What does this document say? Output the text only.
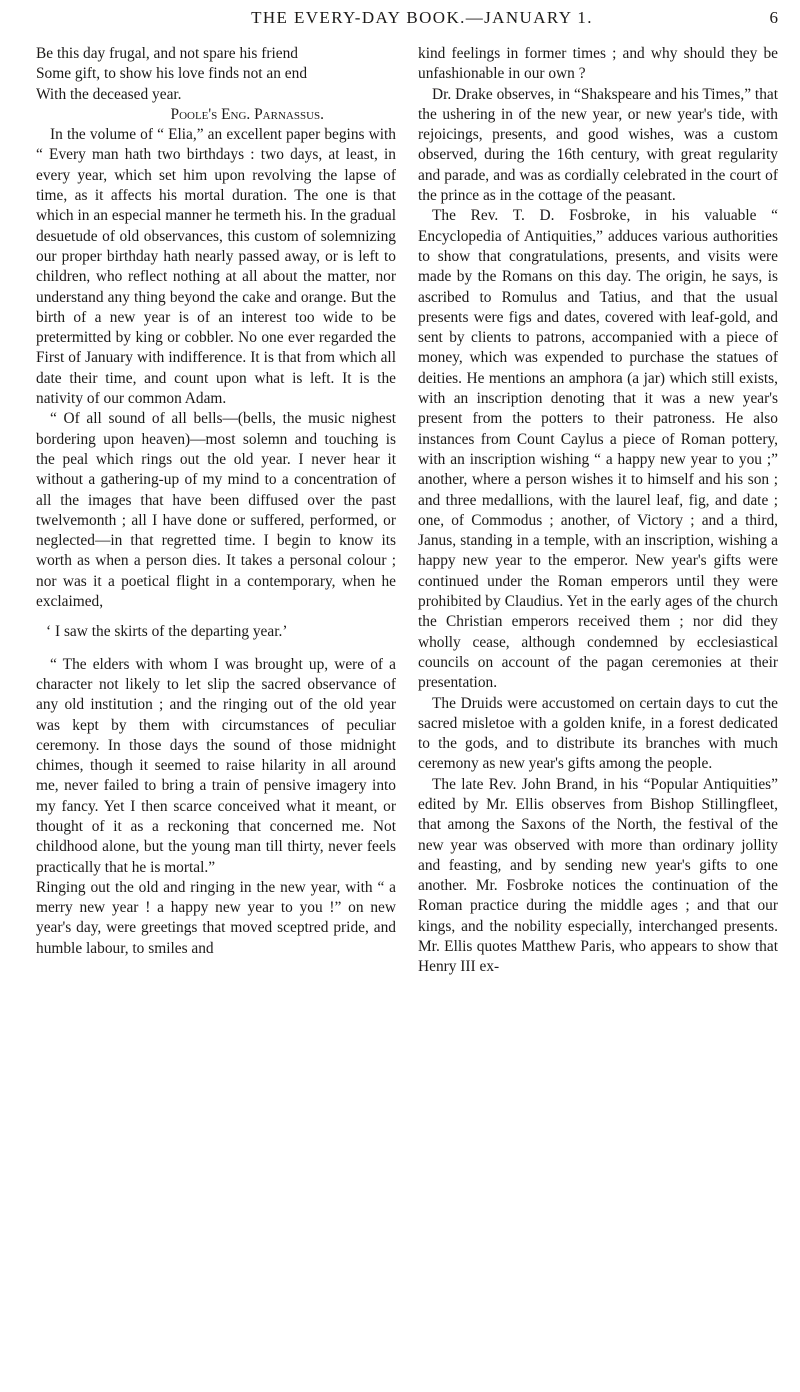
THE EVERY-DAY BOOK.—JANUARY 1.	6

Be this day frugal, and not spare his friend

Some gift, to show his love finds not an end

With the deceased year.

Poole's Eng. Parnassus.

In the volume of “ Elia,” an excellent paper begins with “ Every man hath two birthdays : two days, at least, in every year, which set him upon revolving the lapse of time, as it affects his mortal duration. The one is that which in an especial manner he termeth his. In the gradual desuetude of old observances, this custom of solemnizing our proper birthday hath nearly passed away, or is left to children, who reflect nothing at all about the matter, nor understand any thing beyond the cake and orange. But the birth of a new year is of an interest too wide to be pretermitted by king or cobbler. No one ever regarded the First of January with indifference. It is that from which all date their time, and count upon what is left. It is the nativity of our common Adam.

“ Of all sound of all bells—(bells, the music nighest bordering upon heaven)—most solemn and touching is the peal which rings out the old year. I never hear it without a gathering-up of my mind to a concentration of all the images that have been diffused over the past twelvemonth ; all I have done or suffered, performed, or neglected—in that regretted time. I begin to know its worth as when a person dies. It takes a personal colour ; nor was it a poetical flight in a contemporary, when he exclaimed,

‘ I saw the skirts of the departing year.’

“ The elders with whom I was brought up, were of a character not likely to let slip the sacred observance of any old institution ; and the ringing out of the old year was kept by them with circumstances of peculiar ceremony. In those days the sound of those midnight chimes, though it seemed to raise hilarity in all around me, never failed to bring a train of pensive imagery into my fancy. Yet I then scarce conceived what it meant, or thought of it as a reckoning that concerned me. Not childhood alone, but the young man till thirty, never feels practically that he is mortal.”

Ringing out the old and ringing in the new year, with “ a merry new year ! a happy new year to you !” on new year's day, were greetings that moved sceptred pride, and humble labour, to smiles and

kind feelings in former times ; and why should they be unfashionable in our own ?

Dr. Drake observes, in “Shakspeare and his Times,” that the ushering in of the new year, or new year's tide, with rejoicings, presents, and good wishes, was a custom observed, during the 16th century, with great regularity and parade, and was as cordially celebrated in the court of the prince as in the cottage of the peasant.

The Rev. T. D. Fosbroke, in his valuable “ Encyclopedia of Antiquities,” adduces various authorities to show that congratulations, presents, and visits were made by the Romans on this day. The origin, he says, is ascribed to Romulus and Tatius, and that the usual presents were figs and dates, covered with leaf-gold, and sent by clients to patrons, accompanied with a piece of money, which was expended to purchase the statues of deities. He mentions an amphora (a jar) which still exists, with an inscription denoting that it was a new year's present from the potters to their patroness. He also instances from Count Caylus a piece of Roman pottery, with an inscription wishing “ a happy new year to you ;” another, where a person wishes it to himself and his son ; and three medallions, with the laurel leaf, fig, and date ; one, of Commodus ; another, of Victory ; and a third, Janus, standing in a temple, with an inscription, wishing a happy new year to the emperor. New year's gifts were continued under the Roman emperors until they were prohibited by Claudius. Yet in the early ages of the church the Christian emperors received them ; nor did they wholly cease, although condemned by ecclesiastical councils on account of the pagan ceremonies at their presentation.

The Druids were accustomed on certain days to cut the sacred misletoe with a golden knife, in a forest dedicated to the gods, and to distribute its branches with much ceremony as new year's gifts among the people.

The late Rev. John Brand, in his “Popular Antiquities” edited by Mr. Ellis observes from Bishop Stillingfleet, that among the Saxons of the North, the festival of the new year was observed with more than ordinary jollity and feasting, and by sending new year's gifts to one another. Mr. Fosbroke notices the continuation of the Roman practice during the middle ages ; and that our kings, and the nobility especially, interchanged presents. Mr. Ellis quotes Matthew Paris, who appears to show that Henry III ex-
